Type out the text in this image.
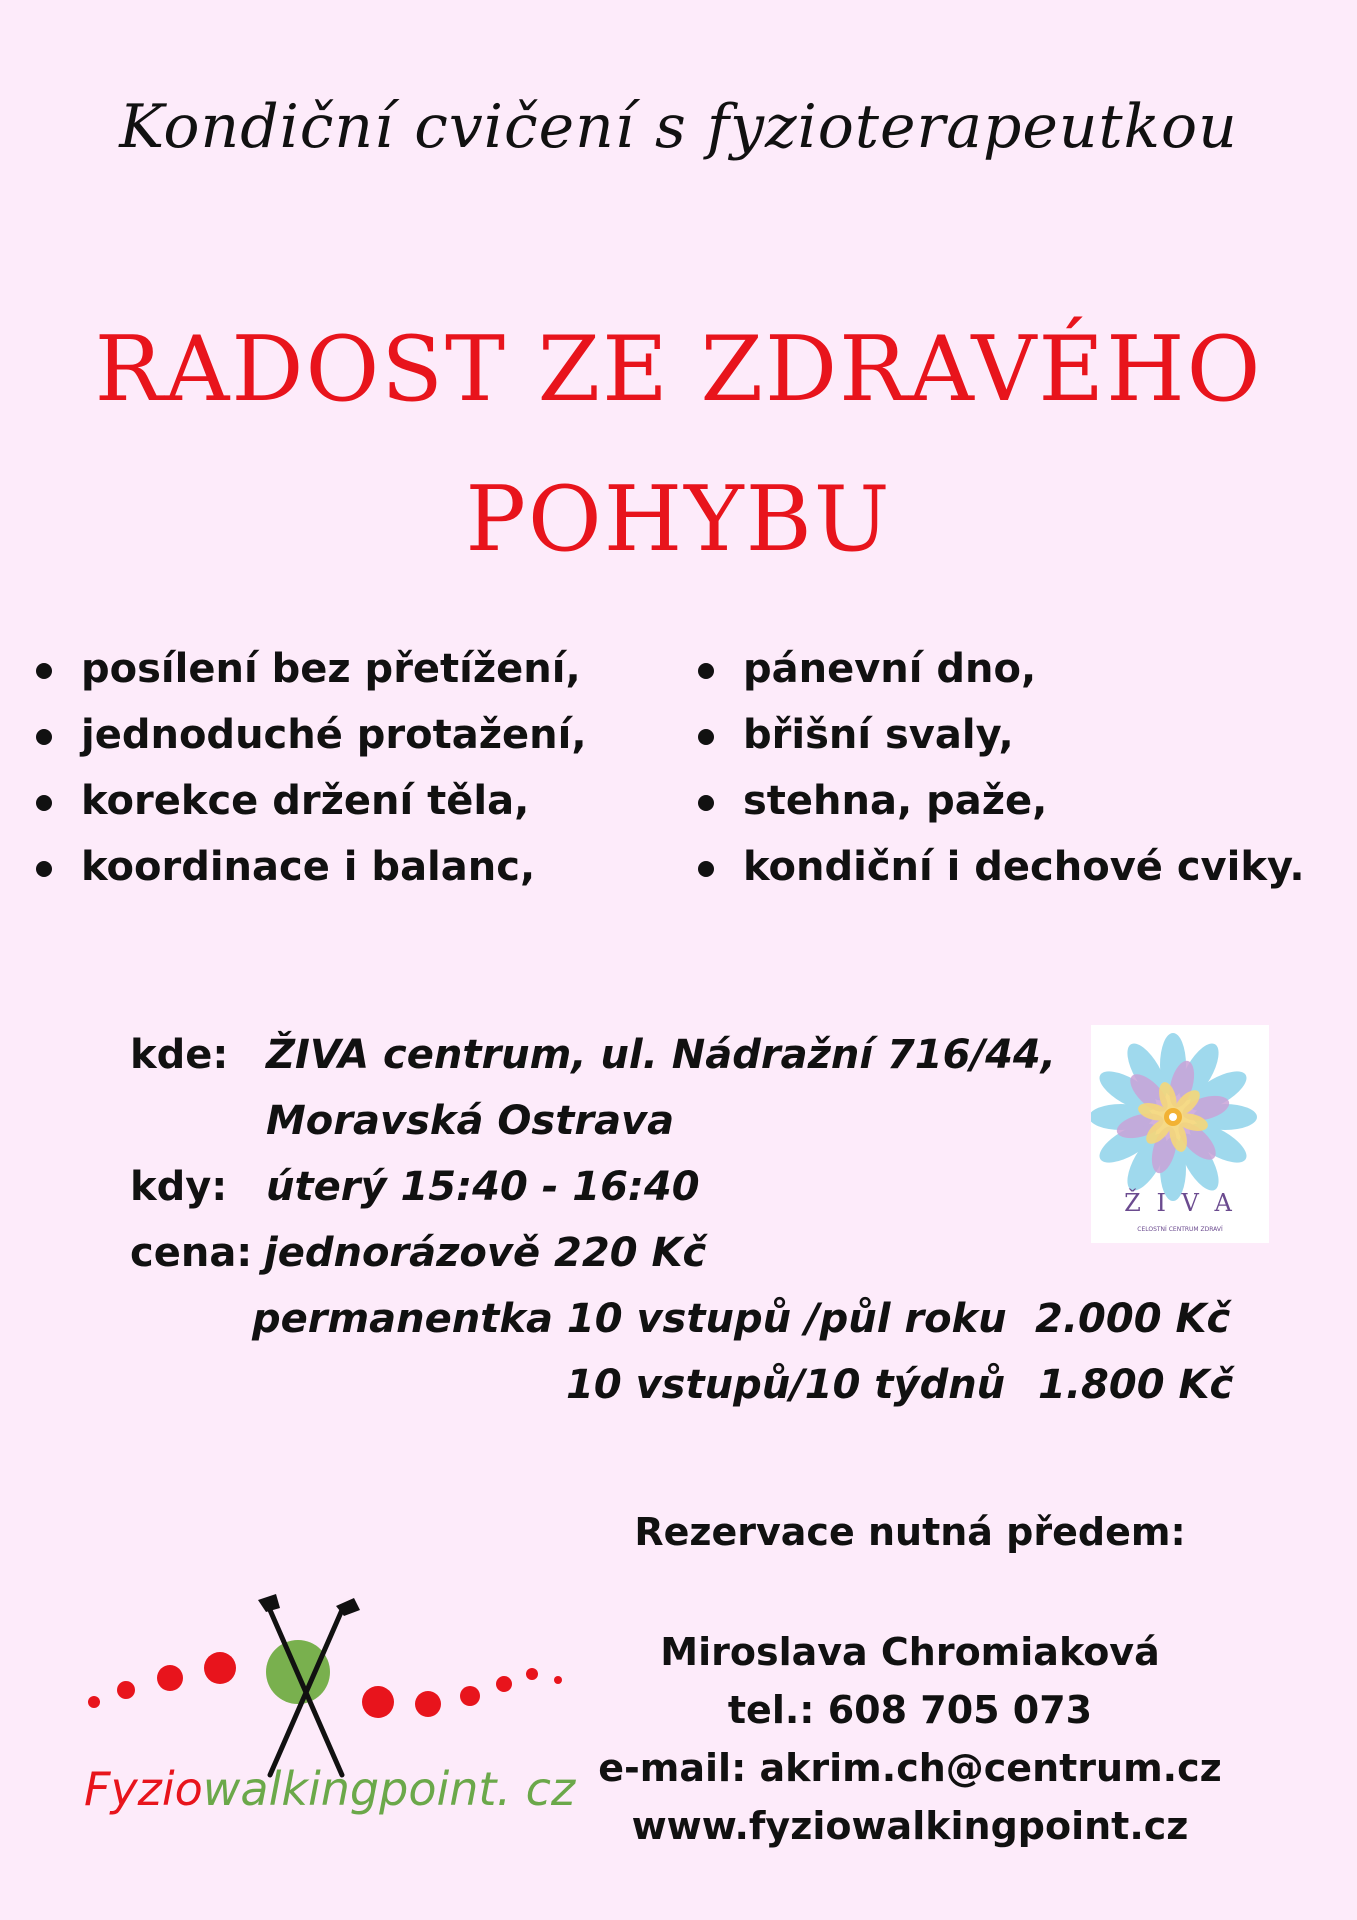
Kondiční cvičení s fyzioterapeutkou
RADOST ZE ZDRAVÉHO
POHYBU
posílení bez přetížení,
jednoduché protažení,
korekce držení těla,
koordinace i balanc,
pánevní dno,
břišní svaly,
stehna, paže,
kondiční i dechové cviky.
kde: ŽIVA centrum, ul. Nádražní 716/44,
Moravská Ostrava
kdy: úterý 15:40 - 16:40
cena: jednorázově 220 Kč
permanentka 10 vstupů /půl roku 2.000 Kč
10 vstupů/10 týdnů 1.800 Kč
Ž I V A
CELOSTNÍ CENTRUM ZDRAVÍ
Rezervace nutná předem:
Miroslava Chromiaková
tel.: 608 705 073
e-mail: akrim.ch@centrum.cz
www.fyziowalkingpoint.cz
Fyziowalkingpoint. cz
